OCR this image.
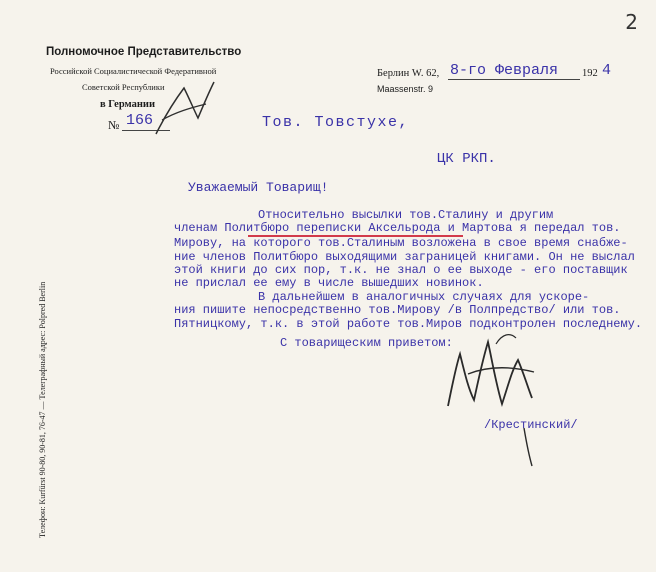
2
Полномочное Представительство
Российской Социалистической Федеративной
Советской Республики
в Германии
№ 166
Берлин W. 62, 8-го Февраля 192 4
Maassenstr. 9
Телефон: Kurfürst 90-80, 90-81, 76-47 — Телеграфный адрес: Polpred Berlin
Тов. Товстухе,
ЦК РКП.
Уважаемый Товарищ!
Относительно высылки тов.Сталину и другим
членам Политбюро переписки Аксельрода и Мартова я передал тов.
Мирову, на которого тов.Сталиным возложена в свое время снабже-
ние членов Политбюро выходящими заграницей книгами. Он не выслал
этой книги до сих пор, т.к. не знал о ее выходе - его поставщик
не прислал ее ему в числе вышедших новинок.
В дальнейшем в аналогичных случаях для ускоре-
ния пишите непосредственно тов.Мирову /в Полпредство/ или тов.
Пятницкому, т.к. в этой работе тов.Миров подконтролен последнему.
С товарищеским приветом:
/Крестинский/
